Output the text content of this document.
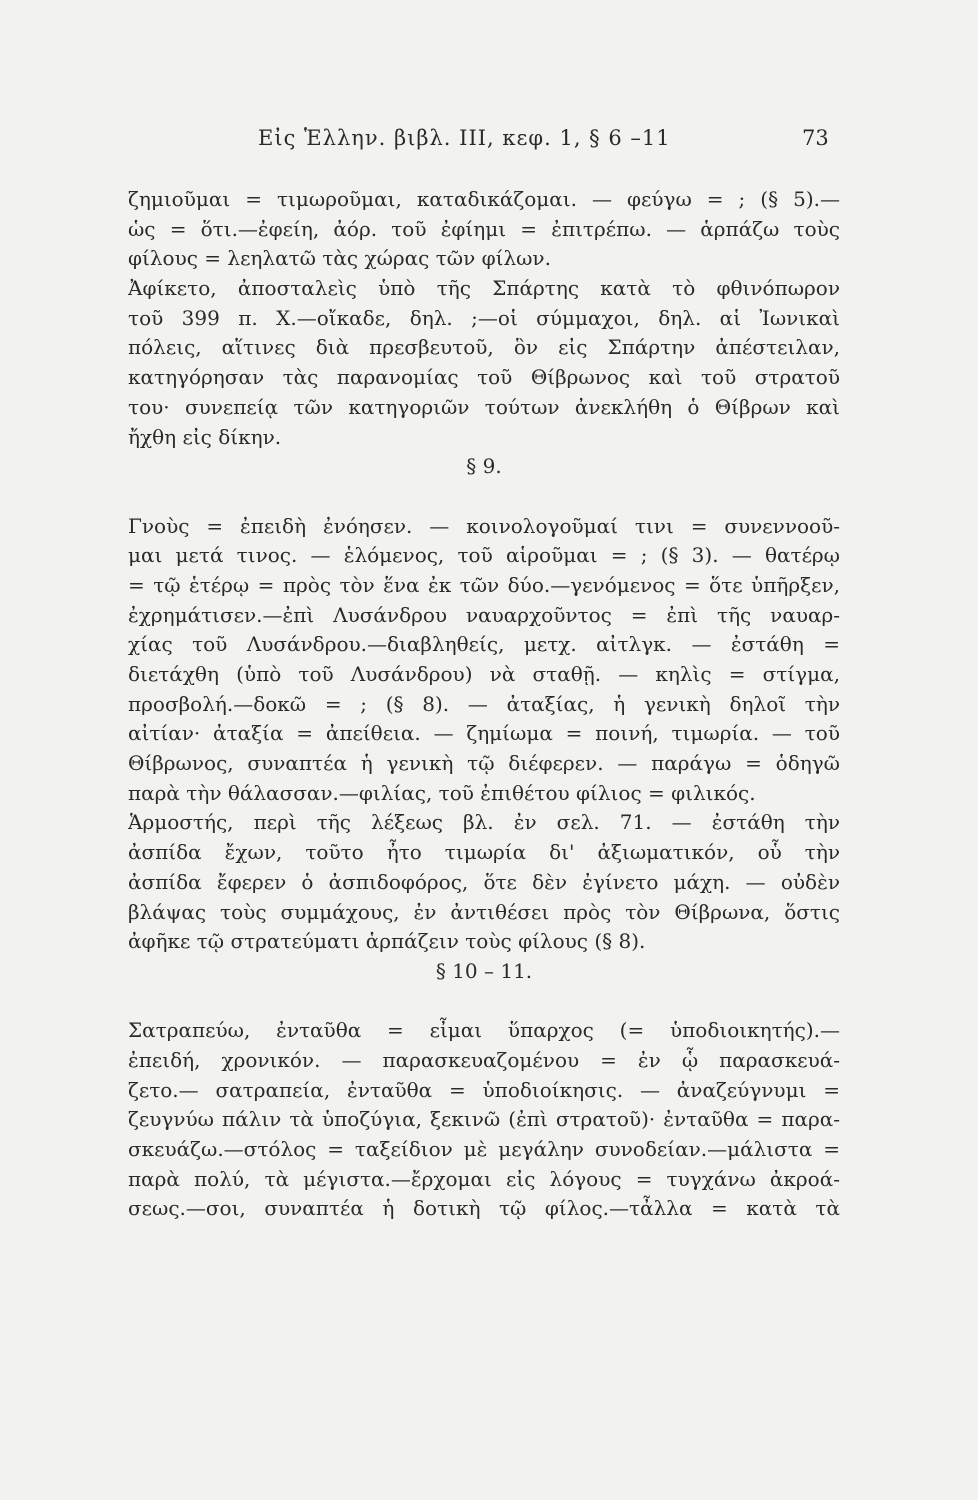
Εἰς Ἑλλην. βιβλ. III, κεφ. 1, § 6 –11	73
ζημιοῦμαι = τιμωροῦμαι, καταδικάζομαι. — φεύγω = ; (§ 5).—
ὡς = ὅτι.—ἐφείη, ἀόρ. τοῦ ἐφίημι = ἐπιτρέπω. — ἁρπάζω τοὺς
φίλους = λεηλατῶ τὰς χώρας τῶν φίλων.
Ἀφίκετο, ἀποσταλεὶς ὑπὸ τῆς Σπάρτης κατὰ τὸ φθινόπωρον
τοῦ 399 π. Χ.—οἴκαδε, δηλ. ;—οἱ σύμμαχοι, δηλ. αἱ Ἰωνικαὶ
πόλεις, αἵτινες διὰ πρεσβευτοῦ, ὃν εἰς Σπάρτην ἀπέστειλαν,
κατηγόρησαν τὰς παρανομίας τοῦ Θίβρωνος καὶ τοῦ στρατοῦ
του· συνεπείᾳ τῶν κατηγοριῶν τούτων ἀνεκλήθη ὁ Θίβρων καὶ
ἤχθη εἰς δίκην.
§ 9.
Γνοὺς = ἐπειδὴ ἐνόησεν. — κοινολογοῦμαί τινι = συνεννοοῦ-
μαι μετά τινος. — ἑλόμενος, τοῦ αἱροῦμαι = ; (§ 3). — θατέρῳ
= τῷ ἑτέρῳ = πρὸς τὸν ἕνα ἐκ τῶν δύο.—γενόμενος = ὅτε ὑπῆρξεν,
ἐχρημάτισεν.—ἐπὶ Λυσάνδρου ναυαρχοῦντος = ἐπὶ τῆς ναυαρ-
χίας τοῦ Λυσάνδρου.—διαβληθείς, μετχ. αἰτλγκ. — ἐστάθη =
διετάχθη (ὑπὸ τοῦ Λυσάνδρου) νὰ σταθῇ. — κηλὶς = στίγμα,
προσβολή.—δοκῶ = ; (§ 8). — ἀταξίας, ἡ γενικὴ δηλοῖ τὴν
αἰτίαν· ἀταξία = ἀπείθεια. — ζημίωμα = ποινή, τιμωρία. — τοῦ
Θίβρωνος, συναπτέα ἡ γενικὴ τῷ διέφερεν. — παράγω = ὁδηγῶ
παρὰ τὴν θάλασσαν.—φιλίας, τοῦ ἐπιθέτου φίλιος = φιλικός.
Ἁρμοστής, περὶ τῆς λέξεως βλ. ἐν σελ. 71. — ἐστάθη τὴν
ἀσπίδα ἔχων, τοῦτο ἦτο τιμωρία δι' ἀξιωματικόν, οὗ τὴν
ἀσπίδα ἔφερεν ὁ ἀσπιδοφόρος, ὅτε δὲν ἐγίνετο μάχη. — οὐδὲν
βλάψας τοὺς συμμάχους, ἐν ἀντιθέσει πρὸς τὸν Θίβρωνα, ὅστις
ἀφῆκε τῷ στρατεύματι ἁρπάζειν τοὺς φίλους (§ 8).
§ 10 – 11.
Σατραπεύω, ἐνταῦθα = εἶμαι ὕπαρχος (= ὑποδιοικητής).—
ἐπειδή, χρονικόν. — παρασκευαζομένου = ἐν ᾧ παρασκευά-
ζετο.— σατραπεία, ἐνταῦθα = ὑποδιοίκησις. — ἀναζεύγνυμι =
ζευγνύω πάλιν τὰ ὑποζύγια, ξεκινῶ (ἐπὶ στρατοῦ)· ἐνταῦθα = παρα-
σκευάζω.—στόλος = ταξείδιον μὲ μεγάλην συνοδείαν.—μάλιστα =
παρὰ πολύ, τὰ μέγιστα.—ἔρχομαι εἰς λόγους = τυγχάνω ἀκροά-
σεως.—σοι, συναπτέα ἡ δοτικὴ τῷ φίλος.—τἆλλα = κατὰ τὰ
